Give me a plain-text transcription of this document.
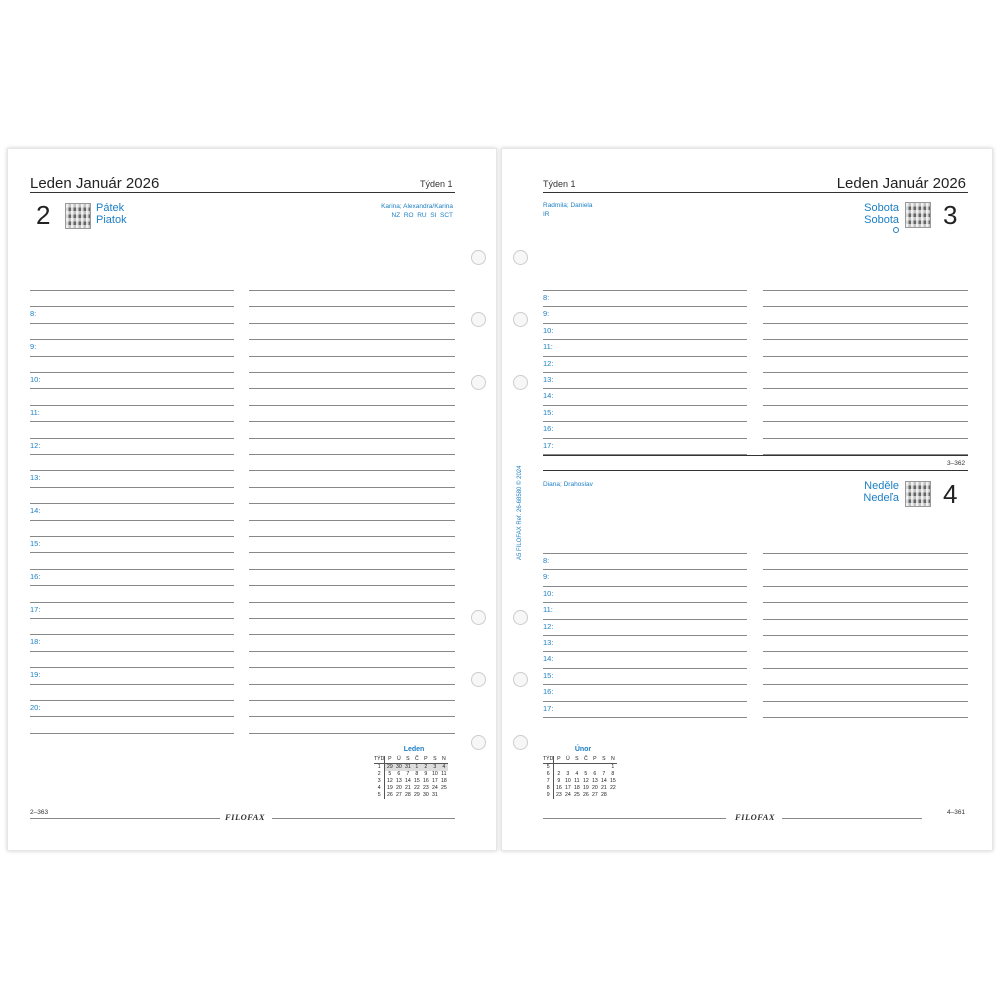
Leden Január 2026	Týden 1
2	Pátek
Piatok
Karina; Alexandra/Karina
NZ RO RU SI SCT
8:
9:
10:
11:
12:
13:
14:
15:
16:
17:
18:
19:
20:
Leden
TÝD	P	Ú	S	Č	P	S	N
1	29	30	31	1	2	3	4
2	5	6	7	8	9	10	11
3	12	13	14	15	16	17	18
4	19	20	21	22	23	24	25
5	26	27	28	29	30	31	
2–363	FILOFAX
Týden 1	Leden Január 2026
Radmila; Daniela
IR
Sobota
Sobota 3
8:
9:
10:
11:
12:
13:
14:
15:
16:
17:
3–362
Diana; Drahoslav	Neděle
Nedeľa 4
8:
9:
10:
11:
12:
13:
14:
15:
16:
17:
Únor
TÝD	P	Ú	S	Č	P	S	N
5							1
6	2	3	4	5	6	7	8
7	9	10	11	12	13	14	15
8	16	17	18	19	20	21	22
9	23	24	25	26	27	28	
FILOFAX	4–361
A5 FILOFAX Ref. 26-68580 © 2024
